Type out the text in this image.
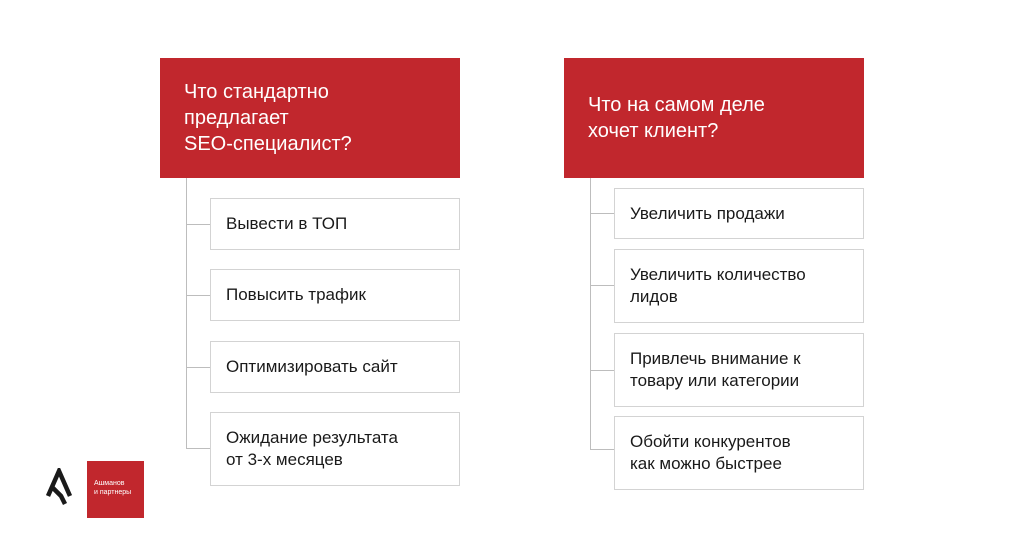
Что стандартно
предлагает
SEO-специалист?
Вывести в ТОП
Повысить трафик
Оптимизировать сайт
Ожидание результата
от 3-х месяцев
Что на самом деле
хочет клиент?
Увеличить продажи
Увеличить количество
лидов
Привлечь внимание к
товару или категории
Обойти конкурентов
как можно быстрее
Ашманов
и партнеры
